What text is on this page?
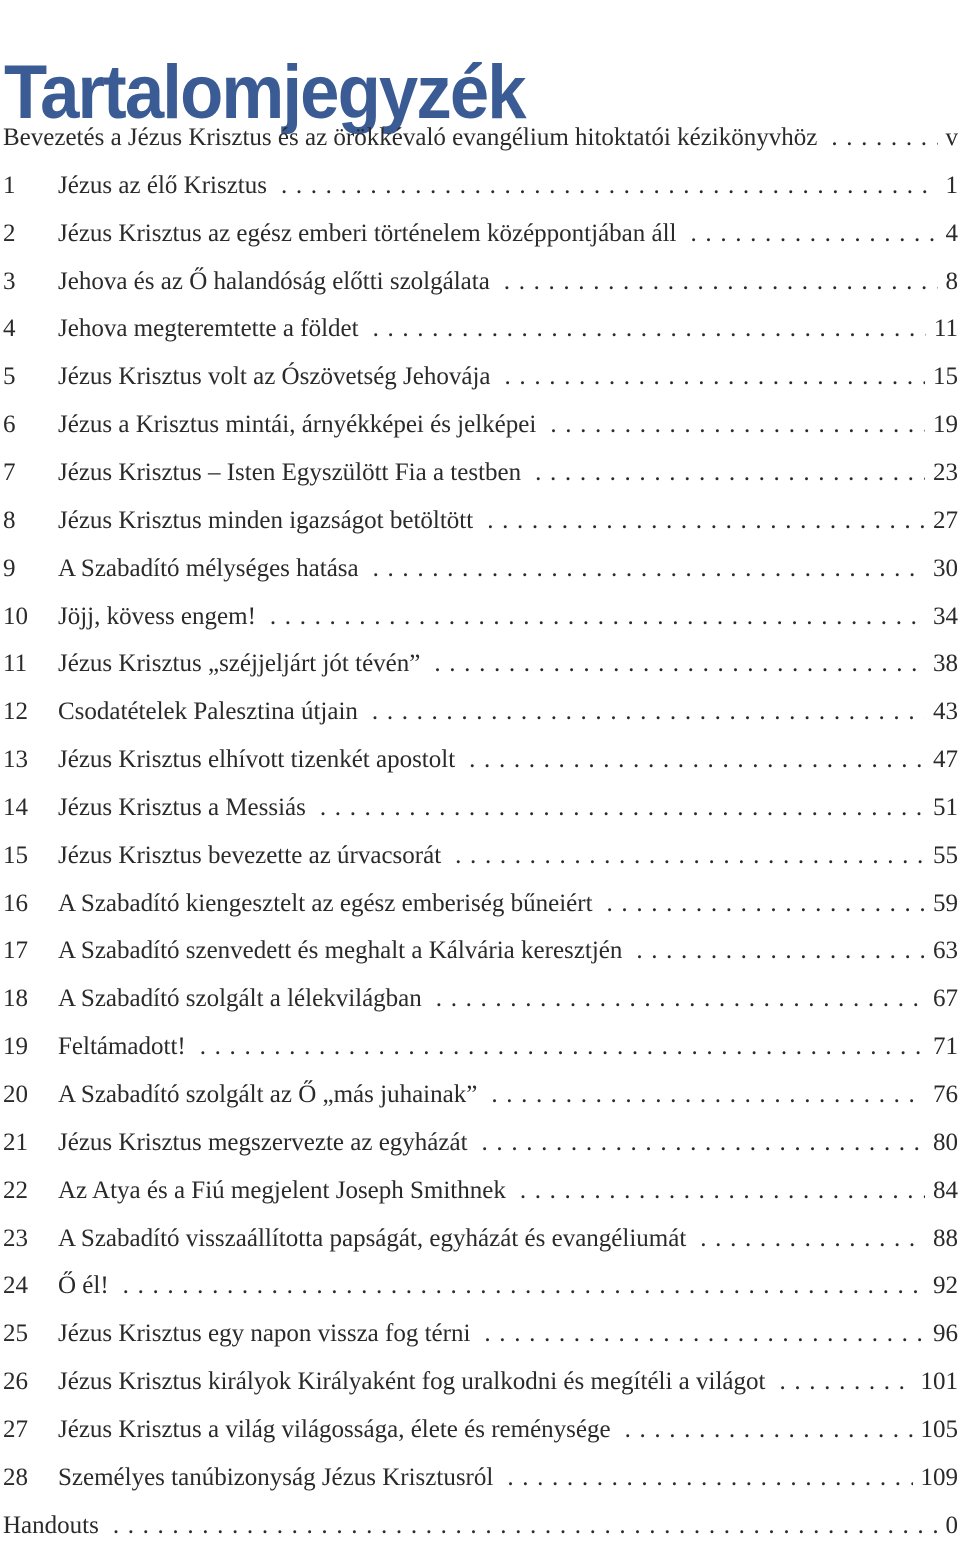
Tartalomjegyzék
Bevezetés a Jézus Krisztus és az örökkévaló evangélium hitoktatói kézikönyvhöz . . .	v
1	Jézus az élő Krisztus . . .	1
2	Jézus Krisztus az egész emberi történelem középpontjában áll . . .	4
3	Jehova és az Ő halandóság előtti szolgálata . . .	8
4	Jehova megteremtette a földet . . .	11
5	Jézus Krisztus volt az Ószövetség Jehovája . . .	15
6	Jézus a Krisztus mintái, árnyékképei és jelképei . . .	19
7	Jézus Krisztus – Isten Egyszülött Fia a testben . . .	23
8	Jézus Krisztus minden igazságot betöltött . . .	27
9	A Szabadító mélységes hatása . . .	30
10	Jöjj, kövess engem! . . .	34
11	Jézus Krisztus „széjjeljárt jót tévén” . . .	38
12	Csodatételek Palesztina útjain . . .	43
13	Jézus Krisztus elhívott tizenkét apostolt . . .	47
14	Jézus Krisztus a Messiás . . .	51
15	Jézus Krisztus bevezette az úrvacsorát . . .	55
16	A Szabadító kiengesztelt az egész emberiség bűneiért . . .	59
17	A Szabadító szenvedett és meghalt a Kálvária keresztjén . . .	63
18	A Szabadító szolgált a lélekvilágban . . .	67
19	Feltámadott! . . .	71
20	A Szabadító szolgált az Ő „más juhainak” . . .	76
21	Jézus Krisztus megszervezte az egyházát . . .	80
22	Az Atya és a Fiú megjelent Joseph Smithnek . . .	84
23	A Szabadító visszaállította papságát, egyházát és evangéliumát . . .	88
24	Ő él! . . .	92
25	Jézus Krisztus egy napon vissza fog térni . . .	96
26	Jézus Krisztus királyok Királyaként fog uralkodni és megítéli a világot . . .	101
27	Jézus Krisztus a világ világossága, élete és reménysége . . .	105
28	Személyes tanúbizonyság Jézus Krisztusról . . .	109
Handouts . . .	0
